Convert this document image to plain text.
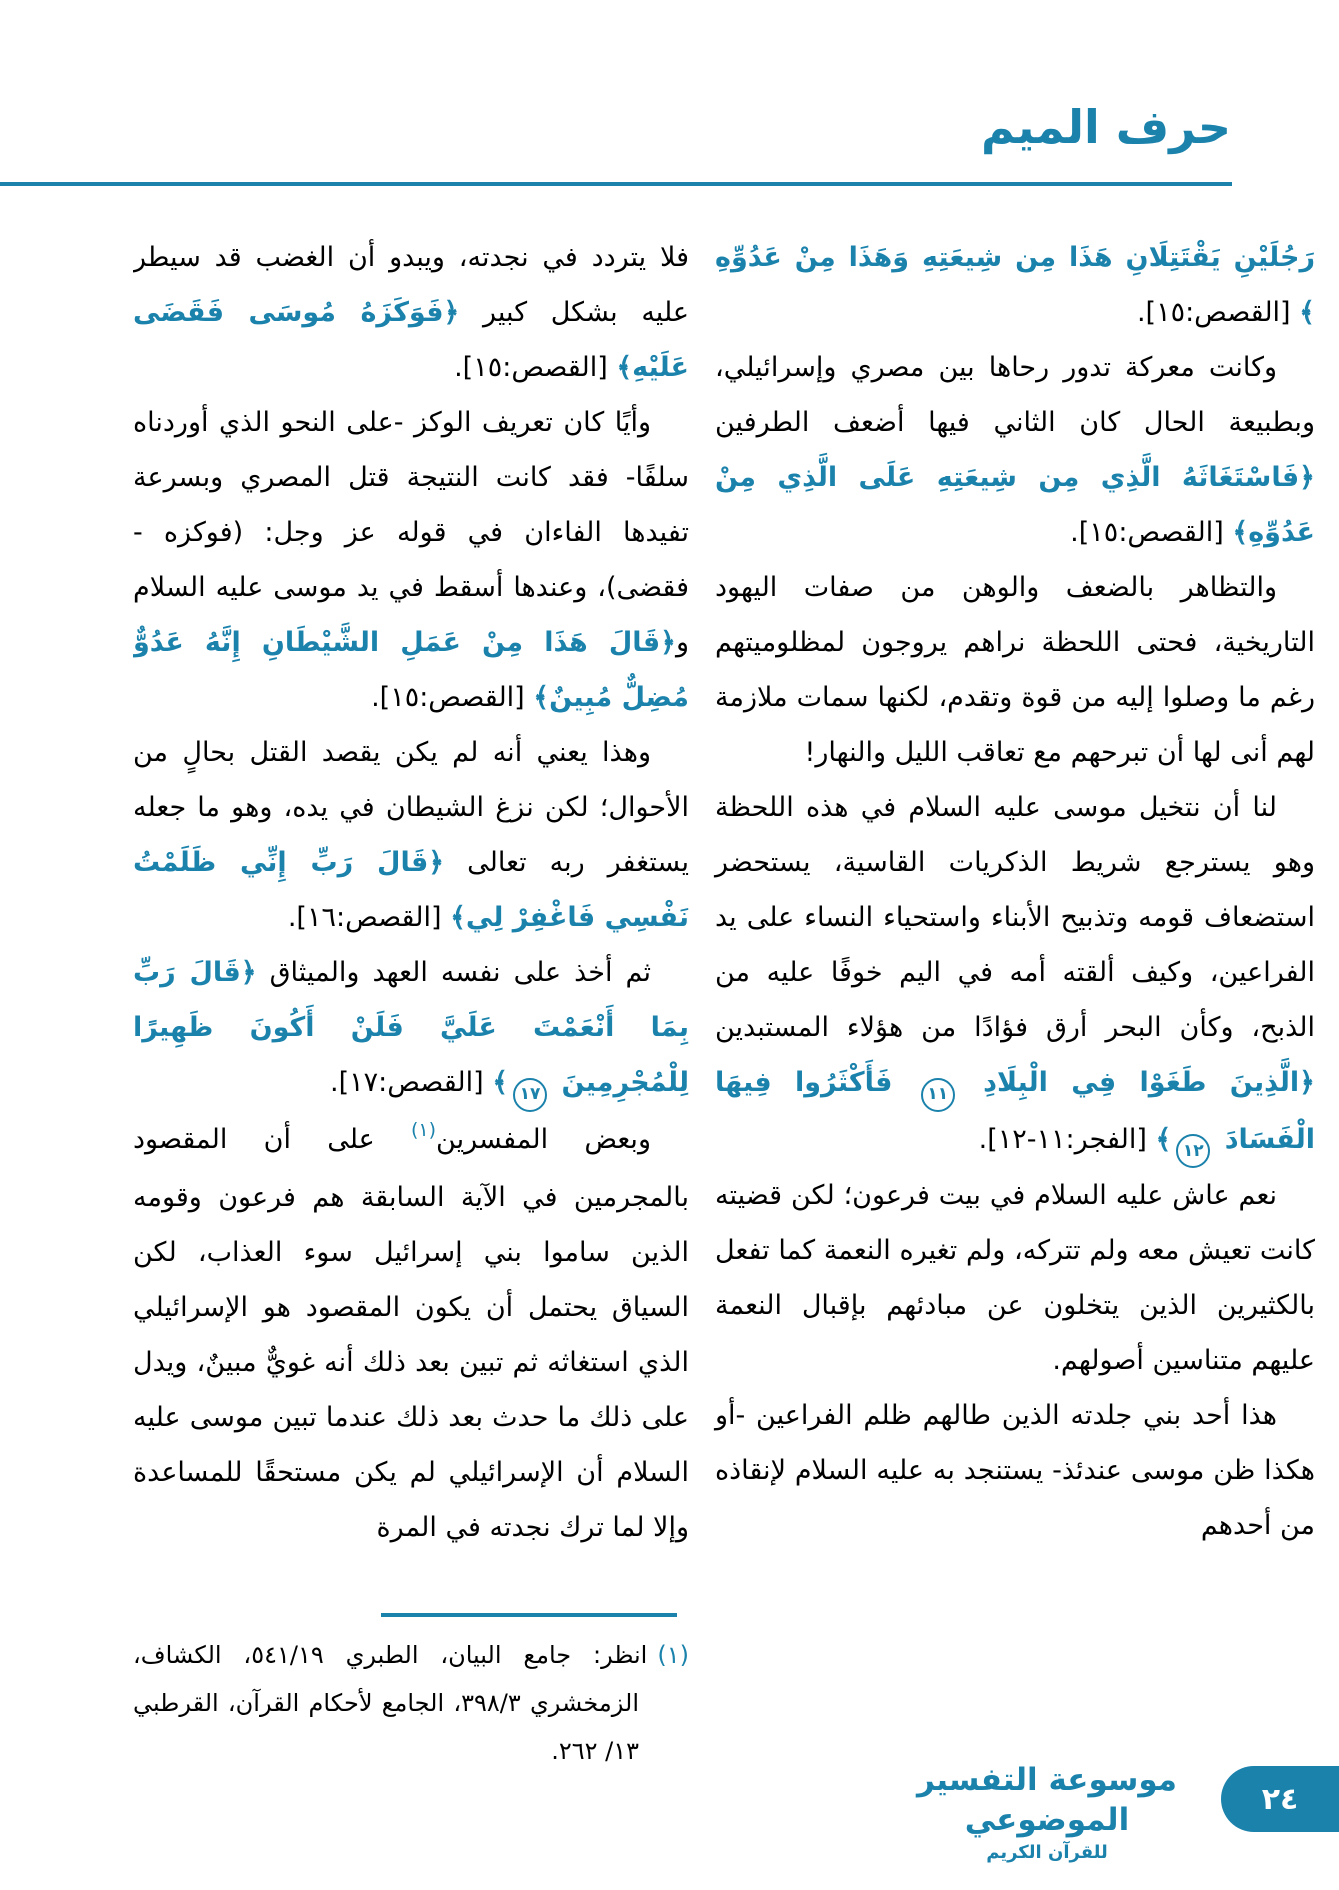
حرف الميم

رَجُلَيْنِ يَقْتَتِلَانِ هَذَا مِن شِيعَتِهِ وَهَذَا مِنْ عَدُوِّهِ ﴾ [القصص:١٥].

وكانت معركة تدور رحاها بين مصري وإسرائيلي، وبطبيعة الحال كان الثاني فيها أضعف الطرفين ﴿فَاسْتَغَاثَهُ الَّذِي مِن شِيعَتِهِ عَلَى الَّذِي مِنْ عَدُوِّهِ﴾ [القصص:١٥].

والتظاهر بالضعف والوهن من صفات اليهود التاريخية، فحتى اللحظة نراهم يروجون لمظلوميتهم رغم ما وصلوا إليه من قوة وتقدم، لكنها سمات ملازمة لهم أنى لها أن تبرحهم مع تعاقب الليل والنهار!

لنا أن نتخيل موسى عليه السلام في هذه اللحظة وهو يسترجع شريط الذكريات القاسية، يستحضر استضعاف قومه وتذبيح الأبناء واستحياء النساء على يد الفراعين، وكيف ألقته أمه في اليم خوفًا عليه من الذبح، وكأن البحر أرق فؤادًا من هؤلاء المستبدين ﴿الَّذِينَ طَغَوْا فِي الْبِلَادِ ١١ فَأَكْثَرُوا فِيهَا الْفَسَادَ ١٢﴾ [الفجر:١١-١٢].

نعم عاش عليه السلام في بيت فرعون؛ لكن قضيته كانت تعيش معه ولم تتركه، ولم تغيره النعمة كما تفعل بالكثيرين الذين يتخلون عن مبادئهم بإقبال النعمة عليهم متناسين أصولهم.

هذا أحد بني جلدته الذين طالهم ظلم الفراعين -أو هكذا ظن موسى عندئذ- يستنجد به عليه السلام لإنقاذه من أحدهم

فلا يتردد في نجدته، ويبدو أن الغضب قد سيطر عليه بشكل كبير ﴿فَوَكَزَهُ مُوسَى فَقَضَى عَلَيْهِ﴾ [القصص:١٥].

وأيًا كان تعريف الوكز -على النحو الذي أوردناه سلفًا- فقد كانت النتيجة قتل المصري وبسرعة تفيدها الفاءان في قوله عز وجل: (فوكزه - فقضى)، وعندها أسقط في يد موسى عليه السلام و﴿قَالَ هَذَا مِنْ عَمَلِ الشَّيْطَانِ إِنَّهُ عَدُوٌّ مُضِلٌّ مُبِينٌ﴾ [القصص:١٥].

وهذا يعني أنه لم يكن يقصد القتل بحالٍ من الأحوال؛ لكن نزغ الشيطان في يده، وهو ما جعله يستغفر ربه تعالى ﴿قَالَ رَبِّ إِنِّي ظَلَمْتُ نَفْسِي فَاغْفِرْ لِي﴾ [القصص:١٦].

ثم أخذ على نفسه العهد والميثاق ﴿قَالَ رَبِّ بِمَا أَنْعَمْتَ عَلَيَّ فَلَنْ أَكُونَ ظَهِيرًا لِلْمُجْرِمِينَ ١٧﴾ [القصص:١٧].

وبعض المفسرين$^{(١)}$ على أن المقصود بالمجرمين في الآية السابقة هم فرعون وقومه الذين ساموا بني إسرائيل سوء العذاب، لكن السياق يحتمل أن يكون المقصود هو الإسرائيلي الذي استغاثه ثم تبين بعد ذلك أنه غويٌّ مبينٌ، ويدل على ذلك ما حدث بعد ذلك عندما تبين موسى عليه السلام أن الإسرائيلي لم يكن مستحقًا للمساعدة وإلا لما ترك نجدته في المرة

(١)انظر: جامع البيان، الطبري ٥٤١/١٩، الكشاف، الزمخشري ٣٩٨/٣، الجامع لأحكام القرآن، القرطبي ١٣/ ٢٦٢.

موسوعة التفسير الموضوعي
للقرآن الكريم
٢٤
